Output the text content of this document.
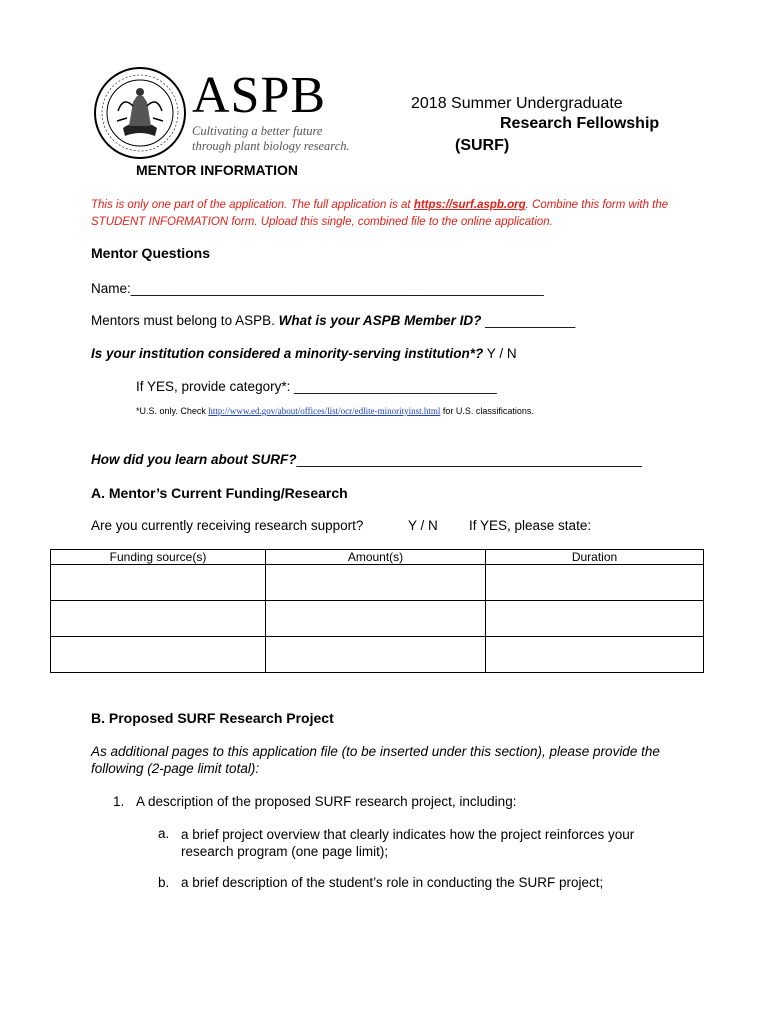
ASPB
Cultivating a better future
through plant biology research.
2018 Summer Undergraduate
Research Fellowship
(SURF)
MENTOR INFORMATION
This is only one part of the application. The full application is at https://surf.aspb.org. Combine this form with the STUDENT INFORMATION form. Upload this single, combined file to the online application.
Mentor Questions
Name:_______________________________________________________
Mentors must belong to ASPB. What is your ASPB Member ID? ____________
Is your institution considered a minority-serving institution*? Y / N
If YES, provide category*: ___________________________
*U.S. only. Check http://www.ed.gov/about/offices/list/ocr/edlite-minorityinst.html for U.S. classifications.
How did you learn about SURF?______________________________________________
A. Mentor’s Current Funding/Research
Are you currently receiving research support?	Y / N If YES, please state:
Funding source(s)	Amount(s)	Duration

B. Proposed SURF Research Project
As additional pages to this application file (to be inserted under this section), please provide the following (2-page limit total):
1. A description of the proposed SURF research project, including:
a. a brief project overview that clearly indicates how the project reinforces your research program (one page limit);
b. a brief description of the student’s role in conducting the SURF project;
